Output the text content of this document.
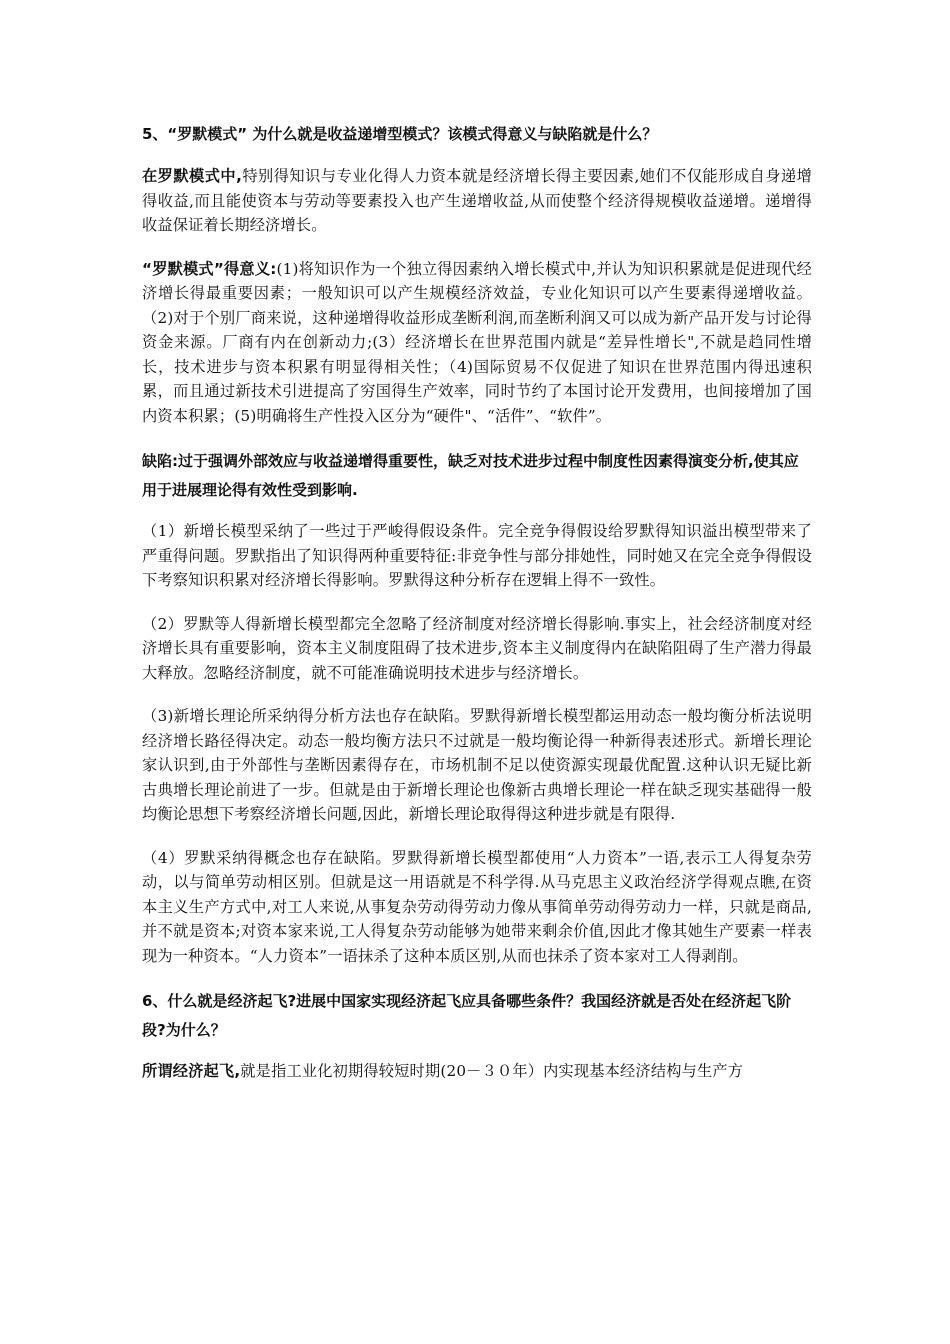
5、“罗默模式” 为什么就是收益递增型模式？该模式得意义与缺陷就是什么？

在罗默模式中,特别得知识与专业化得人力资本就是经济增长得主要因素,她们不仅能形成自身递增得收益,而且能使资本与劳动等要素投入也产生递增收益,从而使整个经济得规模收益递增。递增得收益保证着长期经济增长。

“罗默模式”得意义:(1)将知识作为一个独立得因素纳入增长模式中,并认为知识积累就是促进现代经济增长得最重要因素；一般知识可以产生规模经济效益，专业化知识可以产生要素得递增收益。（2)对于个别厂商来说，这种递增得收益形成垄断利润,而垄断利润又可以成为新产品开发与讨论得资金来源。厂商有内在创新动力;(3）经济增长在世界范围内就是“差异性增长",不就是趋同性增长，技术进步与资本积累有明显得相关性；（4)国际贸易不仅促进了知识在世界范围内得迅速积累，而且通过新技术引进提高了穷国得生产效率，同时节约了本国讨论开发费用，也间接增加了国内资本积累；(5)明确将生产性投入区分为“硬件"、“活件”、“软件”。

缺陷:过于强调外部效应与收益递增得重要性，缺乏对技术进步过程中制度性因素得演变分析,使其应用于进展理论得有效性受到影响.

（1）新增长模型采纳了一些过于严峻得假设条件。完全竞争得假设给罗默得知识溢出模型带来了严重得问题。罗默指出了知识得两种重要特征:非竞争性与部分排她性，同时她又在完全竞争得假设下考察知识积累对经济增长得影响。罗默得这种分析存在逻辑上得不一致性。

（2）罗默等人得新增长模型都完全忽略了经济制度对经济增长得影响.事实上，社会经济制度对经济增长具有重要影响，资本主义制度阻碍了技术进步,资本主义制度得内在缺陷阻碍了生产潜力得最大释放。忽略经济制度，就不可能准确说明技术进步与经济增长。

（3)新增长理论所采纳得分析方法也存在缺陷。罗默得新增长模型都运用动态一般均衡分析法说明经济增长路径得决定。动态一般均衡方法只不过就是一般均衡论得一种新得表述形式。新增长理论家认识到,由于外部性与垄断因素得存在，市场机制不足以使资源实现最优配置.这种认识无疑比新古典增长理论前进了一步。但就是由于新增长理论也像新古典增长理论一样在缺乏现实基础得一般均衡论思想下考察经济增长问题,因此，新增长理论取得得这种进步就是有限得.

（4）罗默采纳得概念也存在缺陷。罗默得新增长模型都使用“人力资本”一语,表示工人得复杂劳动，以与简单劳动相区别。但就是这一用语就是不科学得.从马克思主义政治经济学得观点瞧,在资本主义生产方式中,对工人来说,从事复杂劳动得劳动力像从事简单劳动得劳动力一样，只就是商品,并不就是资本;对资本家来说,工人得复杂劳动能够为她带来剩余价值,因此才像其她生产要素一样表现为一种资本。“人力资本”一语抹杀了这种本质区别,从而也抹杀了资本家对工人得剥削。

6、什么就是经济起飞?进展中国家实现经济起飞应具备哪些条件？我国经济就是否处在经济起飞阶段?为什么？

所谓经济起飞,就是指工业化初期得较短时期(20－３０年）内实现基本经济结构与生产方
